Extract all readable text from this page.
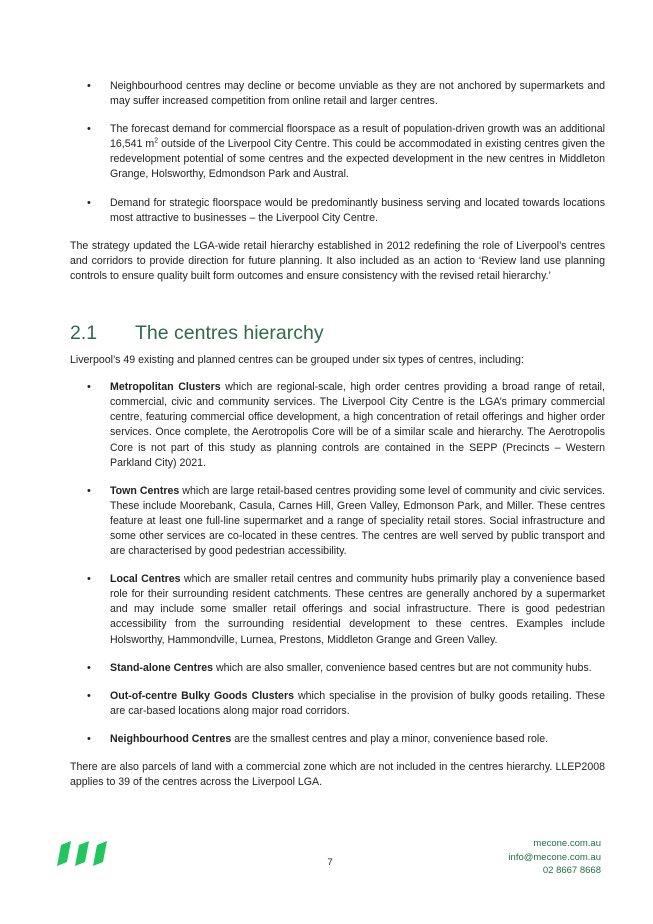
• Neighbourhood centres may decline or become unviable as they are not anchored by supermarkets and may suffer increased competition from online retail and larger centres.
• The forecast demand for commercial floorspace as a result of population-driven growth was an additional 16,541 $m^2$ outside of the Liverpool City Centre. This could be accommodated in existing centres given the redevelopment potential of some centres and the expected development in the new centres in Middleton Grange, Holsworthy, Edmondson Park and Austral.
• Demand for strategic floorspace would be predominantly business serving and located towards locations most attractive to businesses – the Liverpool City Centre.

The strategy updated the LGA-wide retail hierarchy established in 2012 redefining the role of Liverpool’s centres and corridors to provide direction for future planning. It also included as an action to ‘Review land use planning controls to ensure quality built form outcomes and ensure consistency with the revised retail hierarchy.’

2.1 The centres hierarchy

Liverpool’s 49 existing and planned centres can be grouped under six types of centres, including:

• Metropolitan Clusters which are regional-scale, high order centres providing a broad range of retail, commercial, civic and community services. The Liverpool City Centre is the LGA’s primary commercial centre, featuring commercial office development, a high concentration of retail offerings and higher order services. Once complete, the Aerotropolis Core will be of a similar scale and hierarchy. The Aerotropolis Core is not part of this study as planning controls are contained in the SEPP (Precincts – Western Parkland City) 2021.
• Town Centres which are large retail-based centres providing some level of community and civic services. These include Moorebank, Casula, Carnes Hill, Green Valley, Edmonson Park, and Miller. These centres feature at least one full-line supermarket and a range of speciality retail stores. Social infrastructure and some other services are co-located in these centres. The centres are well served by public transport and are characterised by good pedestrian accessibility.
• Local Centres which are smaller retail centres and community hubs primarily play a convenience based role for their surrounding resident catchments. These centres are generally anchored by a supermarket and may include some smaller retail offerings and social infrastructure. There is good pedestrian accessibility from the surrounding residential development to these centres. Examples include Holsworthy, Hammondville, Lurnea, Prestons, Middleton Grange and Green Valley.
• Stand-alone Centres which are also smaller, convenience based centres but are not community hubs.
• Out-of-centre Bulky Goods Clusters which specialise in the provision of bulky goods retailing. These are car-based locations along major road corridors.
• Neighbourhood Centres are the smallest centres and play a minor, convenience based role.

There are also parcels of land with a commercial zone which are not included in the centres hierarchy. LLEP2008 applies to 39 of the centres across the Liverpool LGA.

7
mecone.com.au
info@mecone.com.au
02 8667 8668
